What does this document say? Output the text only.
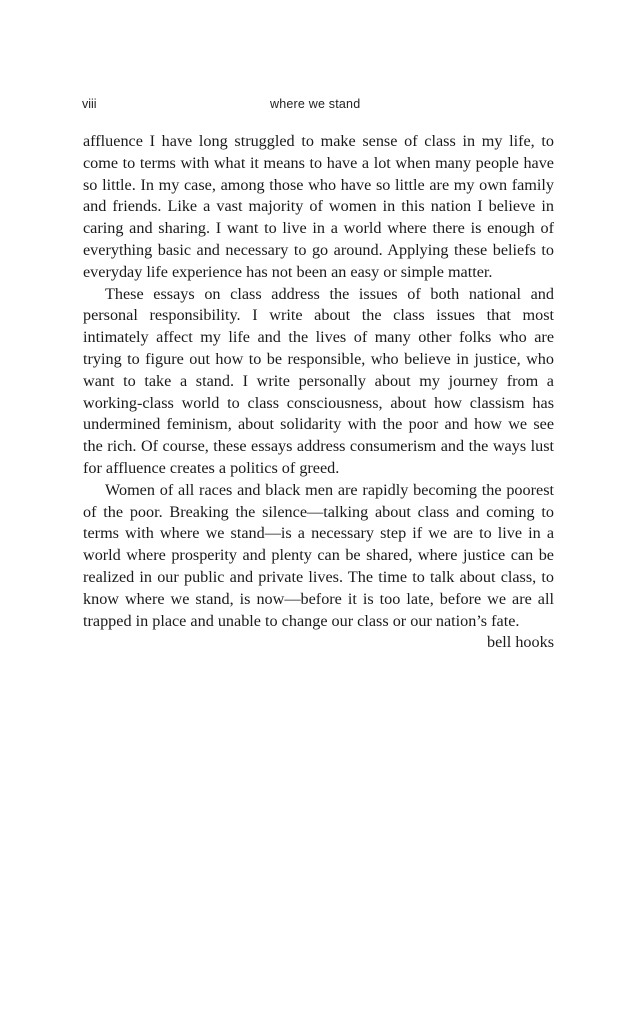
viii	where we stand

affluence I have long struggled to make sense of class in my life, to come to terms with what it means to have a lot when many people have so little. In my case, among those who have so little are my own family and friends. Like a vast majority of women in this nation I believe in caring and sharing. I want to live in a world where there is enough of everything basic and necessary to go around. Applying these beliefs to everyday life experience has not been an easy or simple matter.

These essays on class address the issues of both national and personal responsibility. I write about the class issues that most intimately affect my life and the lives of many other folks who are trying to figure out how to be responsible, who believe in justice, who want to take a stand. I write personally about my journey from a working-class world to class consciousness, about how classism has undermined feminism, about solidarity with the poor and how we see the rich. Of course, these essays address consumerism and the ways lust for affluence creates a politics of greed.

Women of all races and black men are rapidly becoming the poorest of the poor. Breaking the silence—talking about class and coming to terms with where we stand—is a necessary step if we are to live in a world where prosperity and plenty can be shared, where justice can be realized in our public and private lives. The time to talk about class, to know where we stand, is now—before it is too late, before we are all trapped in place and unable to change our class or our nation’s fate.

bell hooks
